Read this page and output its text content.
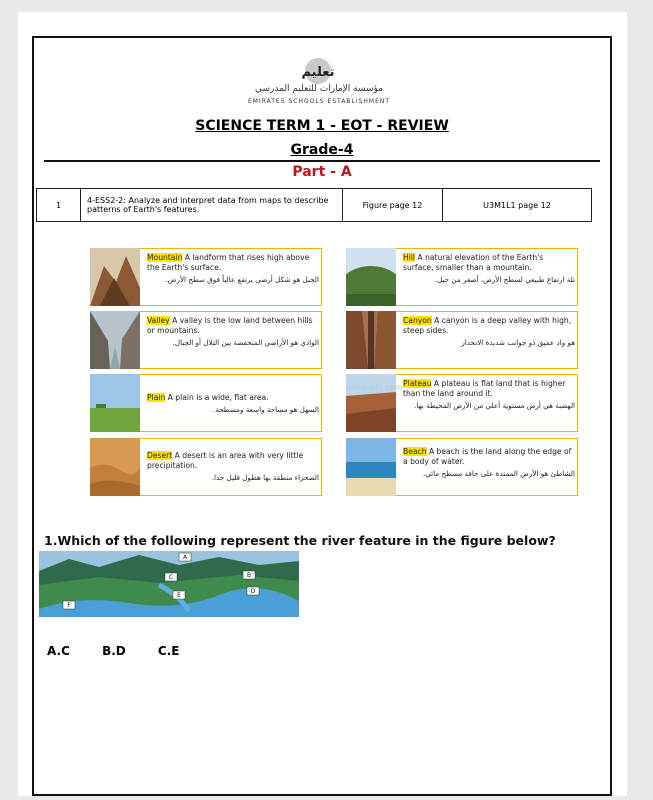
تعليم
مؤسسة الإمارات للتعليم المدرسي
EMIRATES SCHOOLS ESTABLISHMENT
SCIENCE TERM 1 - EOT - REVIEW
Grade-4
Part - A
1	4-ESS2-2: Analyze and interpret data from maps to describe patterns of Earth's features.	Figure page 12	U3M1L1 page 12
Mountain A landform that rises high above the Earth's surface.
الجبل هو شكل أرضي يرتفع عالياً فوق سطح الأرض.
Hill A natural elevation of the Earth's surface, smaller than a mountain.
تلة ارتفاع طبيعي لسطح الأرض، أصغر من جبل.
Valley A valley is the low land between hills or mountains.
الوادي هو الأراضي المنخفضة بين التلال أو الجبال.
Canyon A canyon is a deep valley with high, steep sides.
هو واد عميق ذو جوانب شديدة الانحدار
Plain A plain is a wide, flat area.
السهل هو مساحة واسعة ومسطحة.
Plateau A plateau is flat land that is higher than the land around it.
الهضبة هي أرض مستوية أعلى من الأرض المحيطة بها.
Desert A desert is an area with very little precipitation.
الصحراء منطقة بها هطول قليل جدا.
Beach A beach is the land along the edge of a body of water.
الشاطئ هو الأرض الممتدة على حافة مسطح مائي.
almanahj.com
1.Which of the following represent the river feature in the figure below?
A
B
C
D
E
F
A.C	B.D	C.E
